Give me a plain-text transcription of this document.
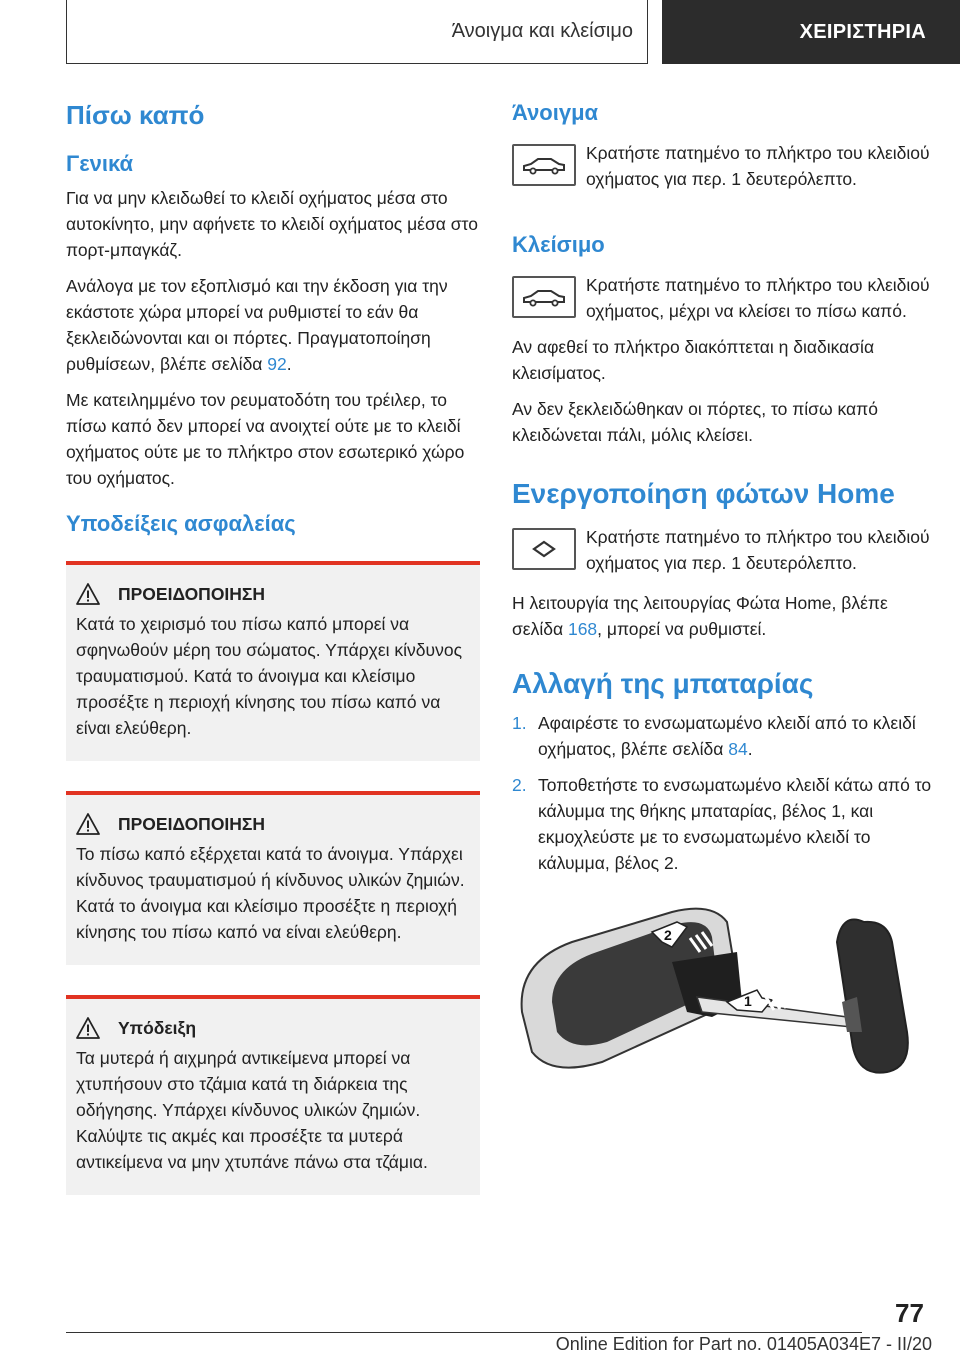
Άνοιγμα και κλείσιμο	ΧΕΙΡΙΣΤΗΡΙΑ
Πίσω καπό
Γενικά

Για να μην κλειδωθεί το κλειδί οχήματος μέσα στο αυτοκίνητο, μην αφήνετε το κλειδί οχήματος μέσα στο πορτ-μπαγκάζ.

Ανάλογα με τον εξοπλισμό και την έκδοση για την εκάστοτε χώρα μπορεί να ρυθμιστεί το εάν θα ξεκλειδώνονται και οι πόρτες. Πραγματοποίηση ρυθμίσεων, βλέπε σελίδα 92.

Με κατειλημμένο τον ρευματοδότη του τρέιλερ, το πίσω καπό δεν μπορεί να ανοιχτεί ούτε με το κλειδί οχήματος ούτε με το πλήκτρο στον εσωτερικό χώρο του οχήματος.

Υποδείξεις ασφαλείας
ΠΡΟΕΙΔΟΠΟΙΗΣΗ

Κατά το χειρισμό του πίσω καπό μπορεί να σφηνωθούν μέρη του σώματος. Υπάρχει κίνδυνος τραυματισμού. Κατά το άνοιγμα και κλείσιμο προσέξτε η περιοχή κίνησης του πίσω καπό να είναι ελεύθερη.

ΠΡΟΕΙΔΟΠΟΙΗΣΗ

Το πίσω καπό εξέρχεται κατά το άνοιγμα. Υπάρχει κίνδυνος τραυματισμού ή κίνδυνος υλικών ζημιών. Κατά το άνοιγμα και κλείσιμο προσέξτε η περιοχή κίνησης του πίσω καπό να είναι ελεύθερη.

Υπόδειξη

Τα μυτερά ή αιχμηρά αντικείμενα μπορεί να χτυπήσουν στο τζάμια κατά τη διάρκεια της οδήγησης. Υπάρχει κίνδυνος υλικών ζημιών. Καλύψτε τις ακμές και προσέξτε τα μυτερά αντικείμενα να μην χτυπάνε πάνω στα τζάμια.

Άνοιγμα

Κρατήστε πατημένο το πλήκτρο του κλειδιού οχήματος για περ. 1 δευτερόλεπτο.

Κλείσιμο

Κρατήστε πατημένο το πλήκτρο του κλειδιού οχήματος, μέχρι να κλείσει το πίσω καπό.

Αν αφεθεί το πλήκτρο διακόπτεται η διαδικασία κλεισίματος.

Αν δεν ξεκλειδώθηκαν οι πόρτες, το πίσω καπό κλειδώνεται πάλι, μόλις κλείσει.

Ενεργοποίηση φώτων Home

Κρατήστε πατημένο το πλήκτρο του κλειδιού οχήματος για περ. 1 δευτερόλεπτο.

Η λειτουργία της λειτουργίας Φώτα Home, βλέπε σελίδα 168, μπορεί να ρυθμιστεί.

Αλλαγή της μπαταρίας
1. Αφαιρέστε το ενσωματωμένο κλειδί από το κλειδί οχήματος, βλέπε σελίδα 84.
2. Τοποθετήστε το ενσωματωμένο κλειδί κάτω από το κάλυμμα της θήκης μπαταρίας, βέλος 1, και εκμοχλεύστε με το ενσωματωμένο κλειδί το κάλυμμα, βέλος 2.
2
1
77
Online Edition for Part no. 01405A034E7 - II/20
